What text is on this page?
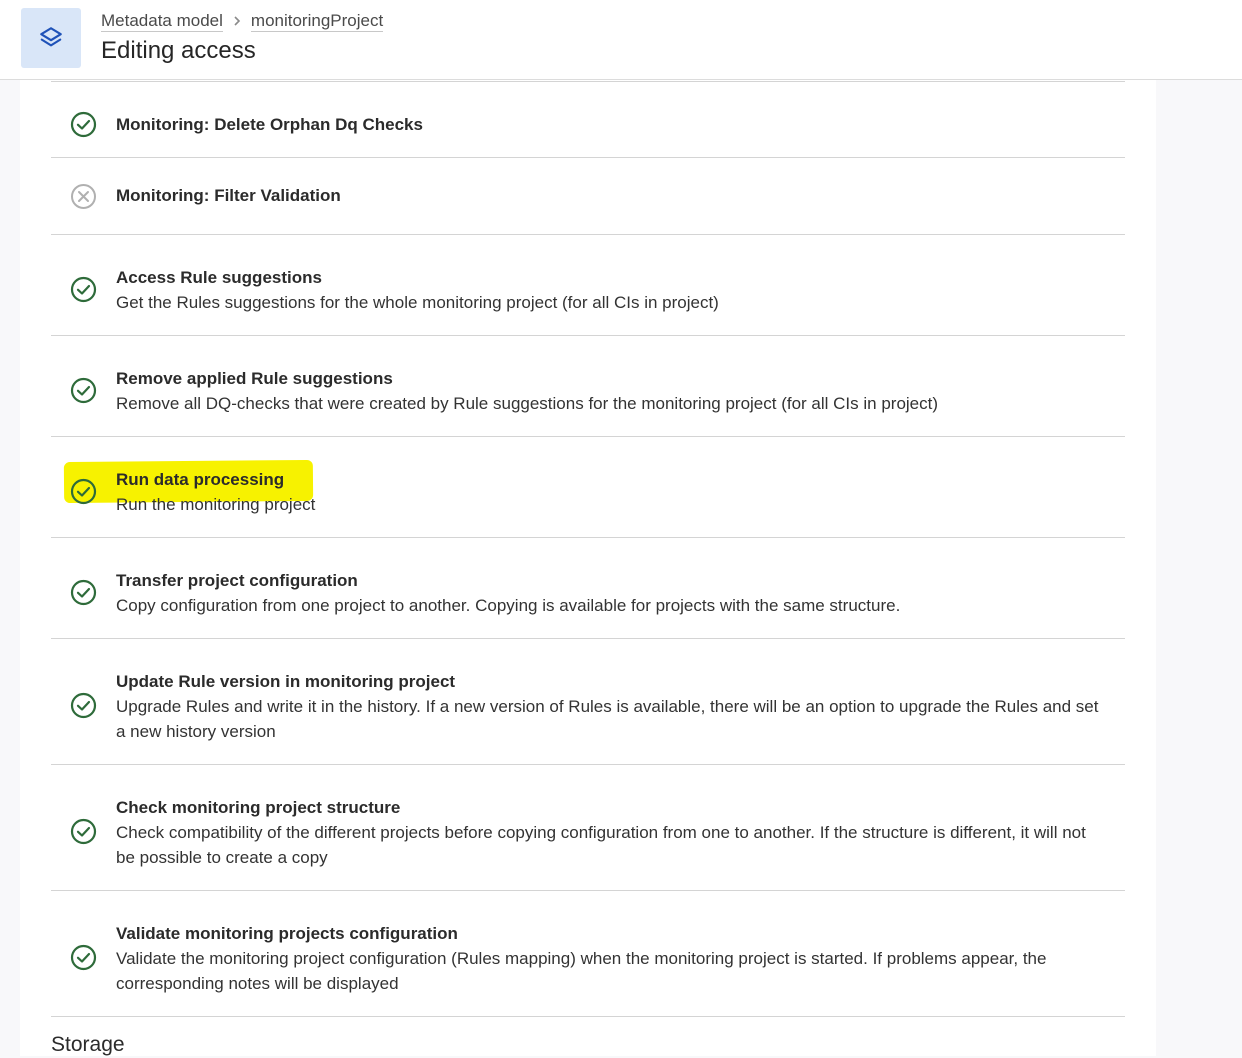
Metadata model monitoringProject
Editing access
Monitoring: Delete Orphan Dq Checks
Monitoring: Filter Validation
Access Rule suggestions
Get the Rules suggestions for the whole monitoring project (for all CIs in project)
Remove applied Rule suggestions
Remove all DQ-checks that were created by Rule suggestions for the monitoring project (for all CIs in project)
Run data processing
Run the monitoring project
Transfer project configuration
Copy configuration from one project to another. Copying is available for projects with the same structure.
Update Rule version in monitoring project
Upgrade Rules and write it in the history. If a new version of Rules is available, there will be an option to upgrade the Rules and set a new history version
Check monitoring project structure
Check compatibility of the different projects before copying configuration from one to another. If the structure is different, it will not be possible to create a copy
Validate monitoring projects configuration
Validate the monitoring project configuration (Rules mapping) when the monitoring project is started. If problems appear, the corresponding notes will be displayed
Storage
